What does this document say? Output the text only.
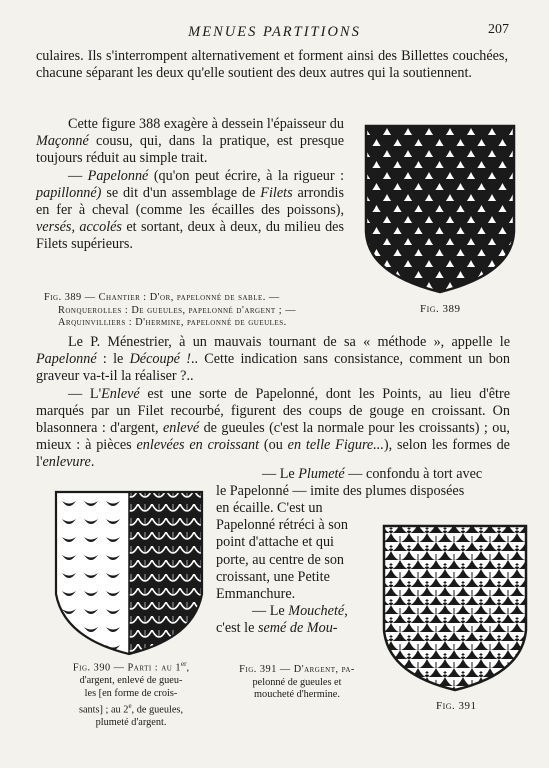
MENUES PARTITIONS	207

culaires. Ils s'interrompent alternativement et forment ainsi des Billettes couchées, chacune séparant les deux qu'elle soutient des deux autres qui la soutiennent.

Cette figure 388 exagère à dessein l'épaisseur du Maçonné cousu, qui, dans la pratique, est presque toujours réduit au simple trait.

— Papelonné (qu'on peut écrire, à la rigueur : papillonné) se dit d'un assemblage de Filets arrondis en fer à cheval (comme les écailles des poissons), versés, accolés et sortant, deux à deux, du milieu des Filets supérieurs.

Fig. 389 — Chantier : D'or, papelonné de sable. —
Ronquerolles : De gueules, papelonné d'argent ; —
Arquinvilliers : D'hermine, papelonné de gueules.
Fig. 389

Le P. Ménestrier, à un mauvais tournant de sa « méthode », appelle le Papelonné : le Découpé !.. Cette indication sans consistance, comment un bon graveur va-t-il la réaliser ?..

— L'Enlevé est une sorte de Papelonné, dont les Points, au lieu d'être marqués par un Filet recourbé, figurent des coups de gouge en croissant. On blasonnera : d'argent, enlevé de gueules (c'est la normale pour les croissants) ; ou, mieux : à pièces enlevées en croissant (ou en telle Figure...), selon les formes de l'enlevure.

— Le Plumeté — confondu à tort avec
le Papelonné — imite des plumes disposées

en écaille. C'est un Papelonné rétréci à son point d'attache et qui porte, au centre de son croissant, une Petite Emmanchure.

— Le Moucheté, c'est le semé de Mou-

Fig. 390 — Parti : au 1er,
d'argent, enlevé de gueu-
les [en forme de crois-
sants] ; au 2e, de gueules,
plumeté d'argent.
Fig. 391 — D'argent, pa-
pelonné de gueules et
moucheté d'hermine.
Fig. 391
